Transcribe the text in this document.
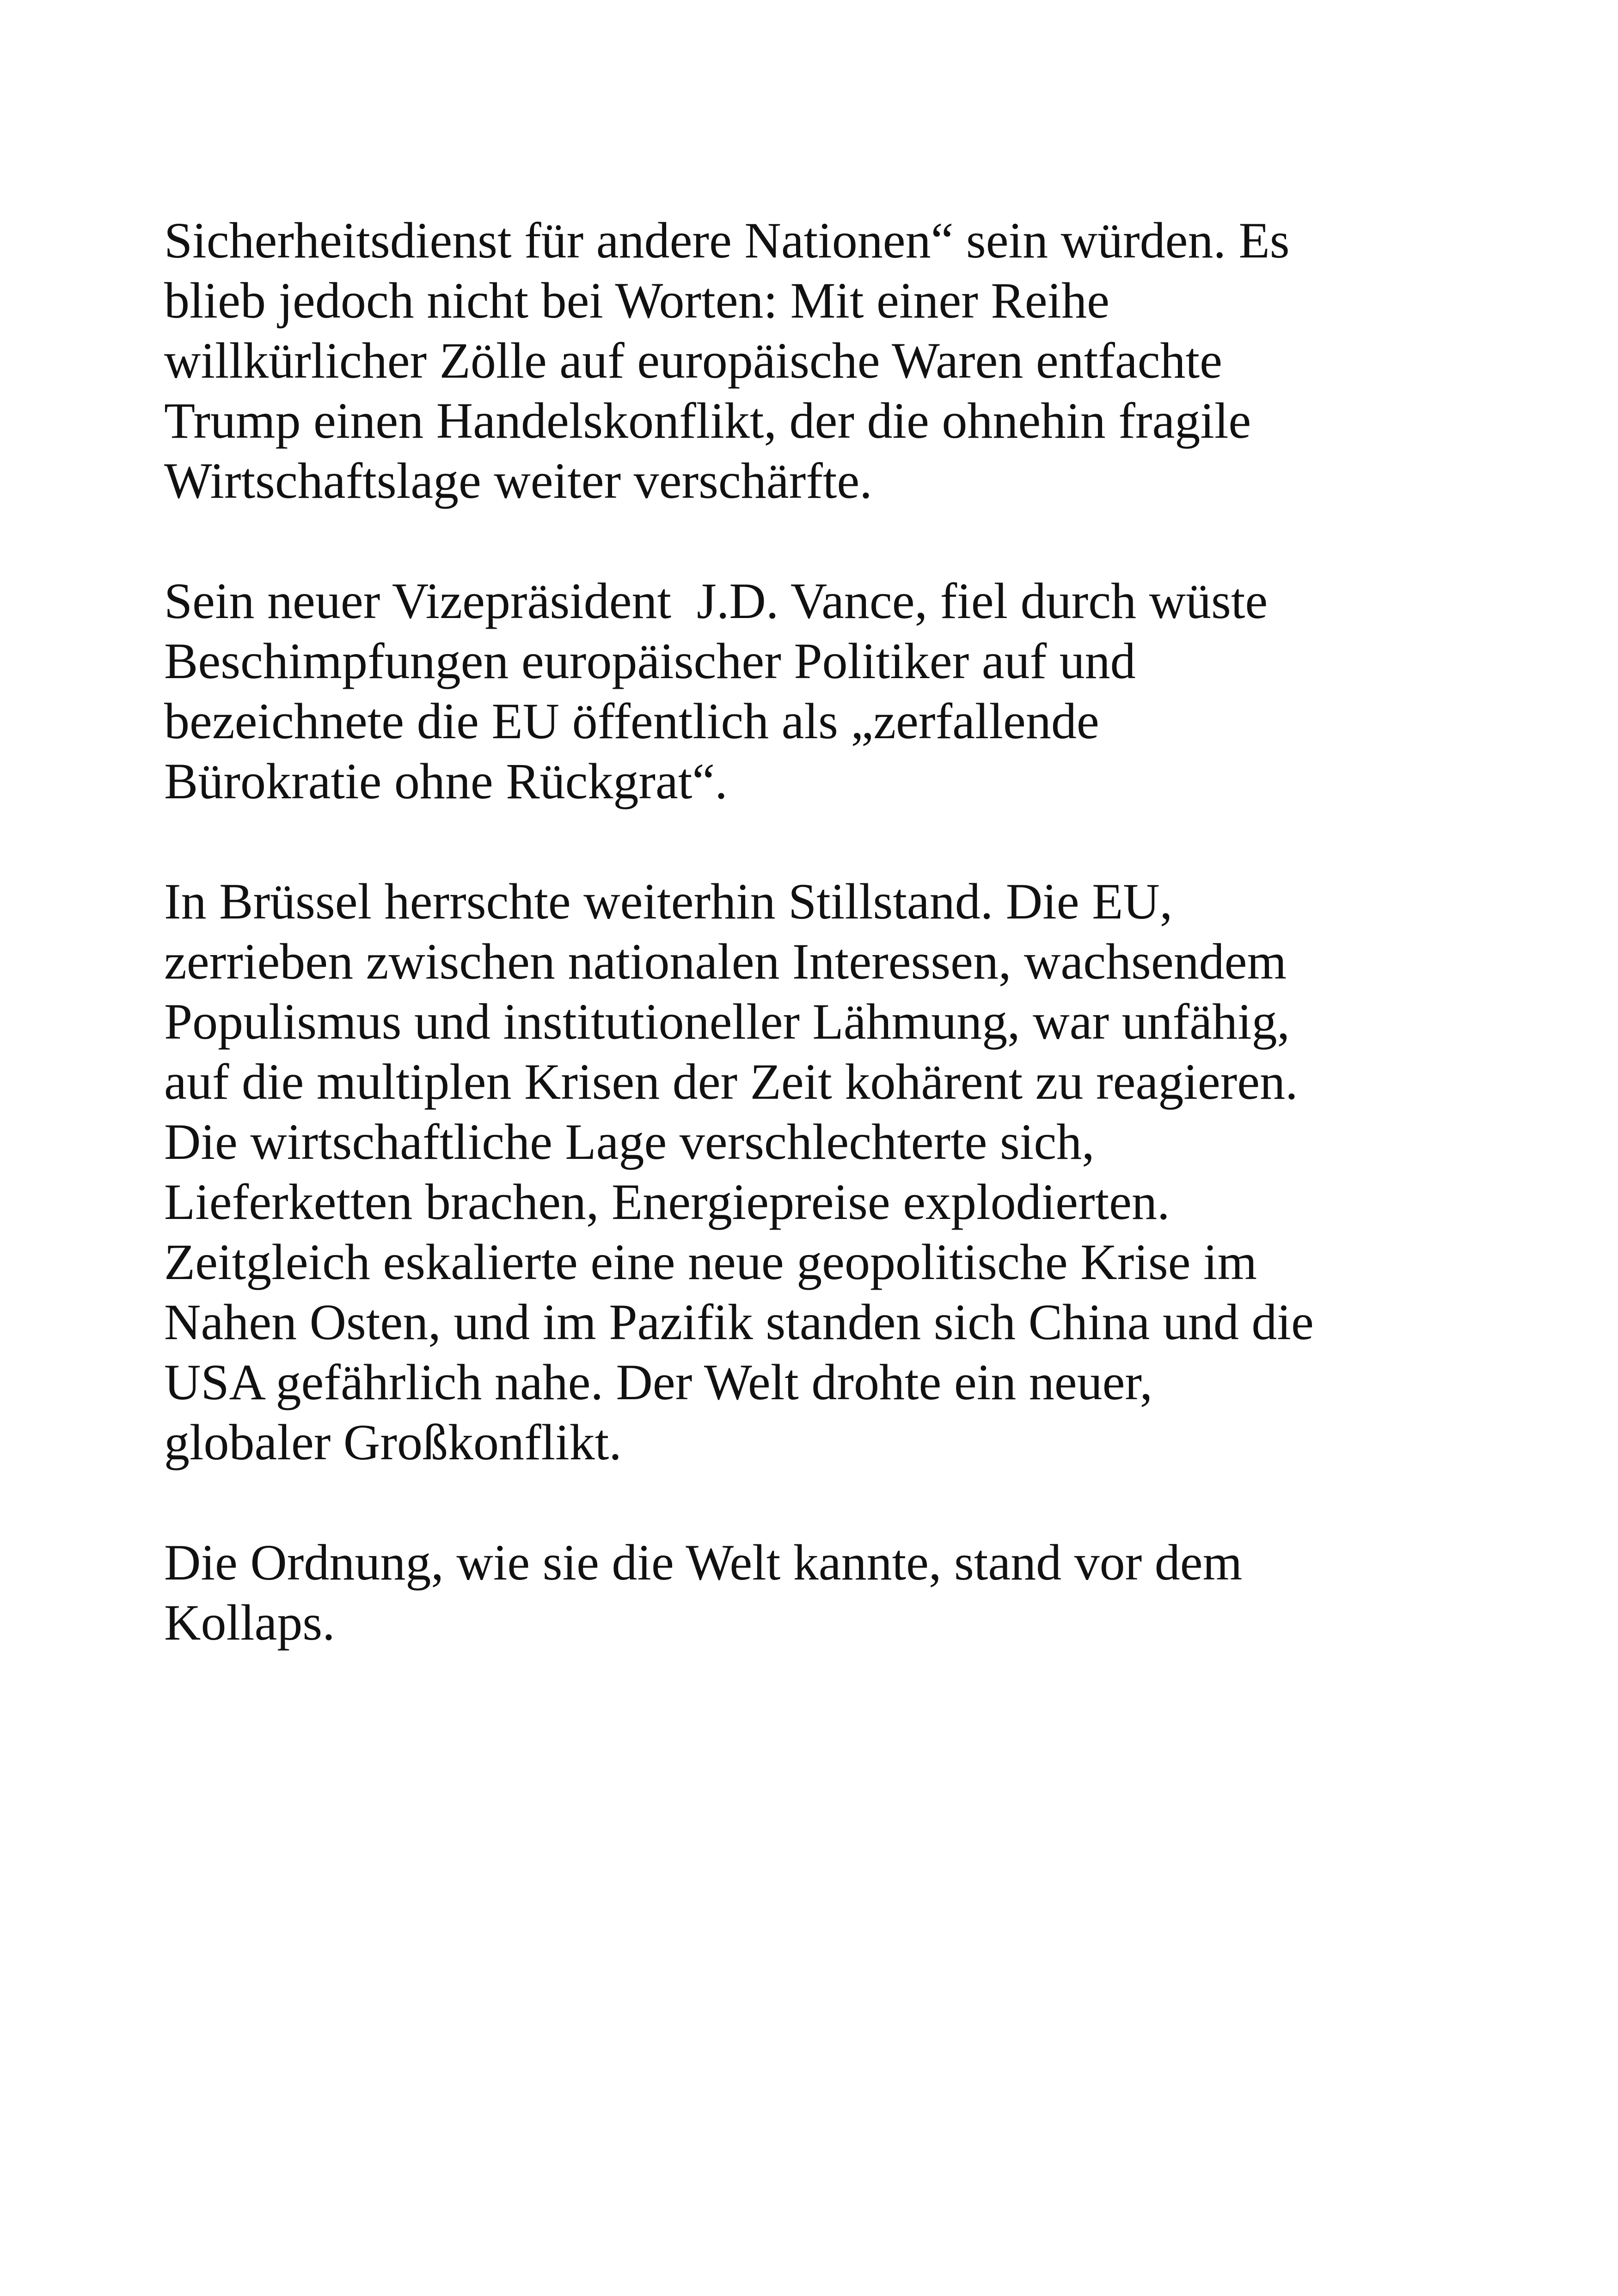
Sicherheitsdienst für andere Nationen“ sein würden. Es
blieb jedoch nicht bei Worten: Mit einer Reihe
willkürlicher Zölle auf europäische Waren entfachte
Trump einen Handelskonflikt, der die ohnehin fragile
Wirtschaftslage weiter verschärfte.

Sein neuer Vizepräsident  J.D. Vance, fiel durch wüste
Beschimpfungen europäischer Politiker auf und
bezeichnete die EU öffentlich als „zerfallende
Bürokratie ohne Rückgrat“.

In Brüssel herrschte weiterhin Stillstand. Die EU,
zerrieben zwischen nationalen Interessen, wachsendem
Populismus und institutioneller Lähmung, war unfähig,
auf die multiplen Krisen der Zeit kohärent zu reagieren.
Die wirtschaftliche Lage verschlechterte sich,
Lieferketten brachen, Energiepreise explodierten.
Zeitgleich eskalierte eine neue geopolitische Krise im
Nahen Osten, und im Pazifik standen sich China und die
USA gefährlich nahe. Der Welt drohte ein neuer,
globaler Großkonflikt.

Die Ordnung, wie sie die Welt kannte, stand vor dem
Kollaps.
